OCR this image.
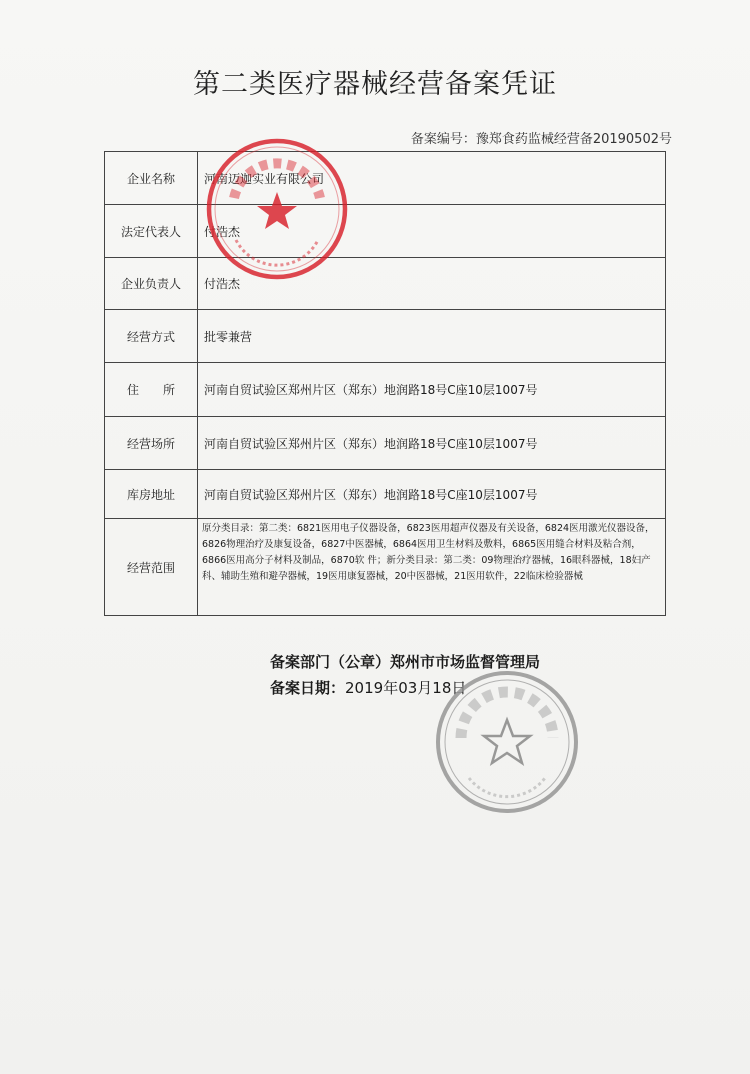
第二类医疗器械经营备案凭证
备案编号：豫郑食药监械经营备20190502号
企业名称	河南迈迦实业有限公司
法定代表人	付浩杰
企业负责人	付浩杰
经营方式	批零兼营
住　　所	河南自贸试验区郑州片区（郑东）地润路18号C座10层1007号
经营场所	河南自贸试验区郑州片区（郑东）地润路18号C座10层1007号
库房地址	河南自贸试验区郑州片区（郑东）地润路18号C座10层1007号
经营范围	原分类目录：第二类：6821医用电子仪器设备，6823医用超声仪器及有关设备，6824医用激光仪器设备，6826物理治疗及康复设备，6827中医器械，6864医用卫生材料及敷料，6865医用缝合材料及粘合剂，6866医用高分子材料及制品，6870软 件；新分类目录：第二类：09物理治疗器械，16眼科器械，18妇产科、辅助生殖和避孕器械，19医用康复器械，20中医器械，21医用软件，22临床检验器械
备案部门（公章）郑州市市场监督管理局
备案日期：2019年03月18日
